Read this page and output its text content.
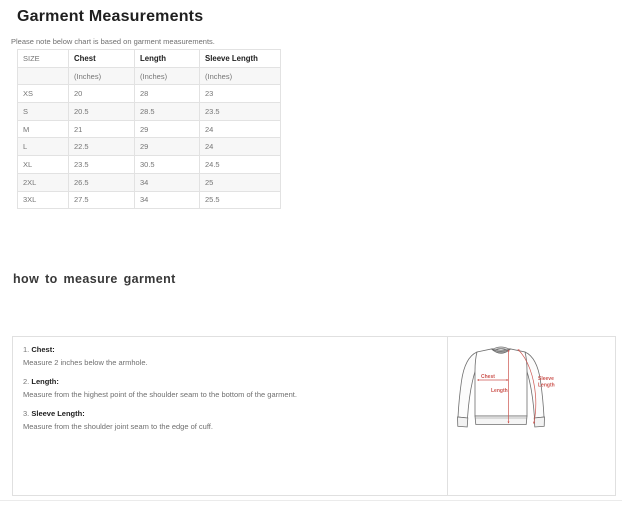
Garment Measurements
Please note below chart is based on garment measurements.
SIZE	Chest	Length	Sleeve Length
	(Inches)	(Inches)	(Inches)
XS	20	28	23
S	20.5	28.5	23.5
M	21	29	24
L	22.5	29	24
XL	23.5	30.5	24.5
2XL	26.5	34	25
3XL	27.5	34	25.5
how to measure garment
1. Chest:
Measure 2 inches below the armhole.
2. Length:
Measure from the highest point of the shoulder seam to the bottom of the garment.
3. Sleeve Length:
Measure from the shoulder joint seam to the edge of cuff.
Chest
Length
Sleeve
Length
